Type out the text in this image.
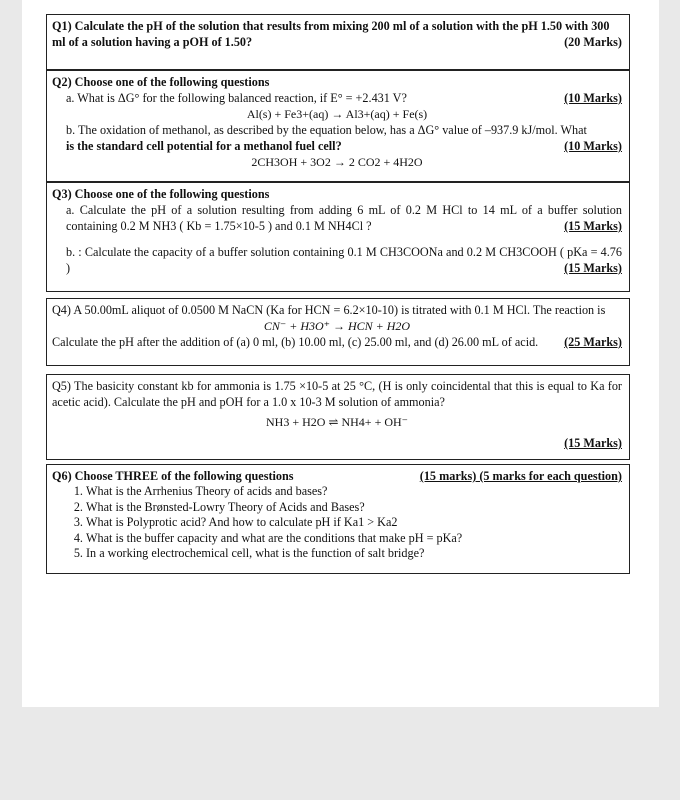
Q1) Calculate the pH of the solution that results from mixing 200 ml of a solution with the pH 1.50 with 300 ml of a solution having a pOH of 1.50?	(20 Marks)
Q2) Choose one of the following questions
a. What is ΔG° for the following balanced reaction, if E° = +2.431 V?	(10 Marks)
Al(s) + Fe3+(aq) → Al3+(aq) + Fe(s)
b. The oxidation of methanol, as described by the equation below, has a ΔG° value of –937.9 kJ/mol. What
is the standard cell potential for a methanol fuel cell?	(10 Marks)
2CH3OH + 3O2 → 2 CO2 + 4H2O
Q3) Choose one of the following questions
a. Calculate the pH of a solution resulting from adding 6 mL of 0.2 M HCl to 14 mL of a buffer solution containing 0.2 M NH3 ( Kb = 1.75×10-5 ) and 0.1 M NH4Cl ?	(15 Marks)
b. : Calculate the capacity of a buffer solution containing 0.1 M CH3COONa and 0.2 M CH3COOH ( pKa = 4.76 )	(15 Marks)
Q4) A 50.00mL aliquot of 0.0500 M NaCN (Ka for HCN = 6.2×10-10) is titrated with 0.1 M HCl. The reaction is
CN⁻ + H3O⁺ → HCN + H2O
Calculate the pH after the addition of (a) 0 ml, (b) 10.00 ml, (c) 25.00 ml, and (d) 26.00 mL of acid. (25 Marks)
Q5) The basicity constant kb for ammonia is 1.75 ×10-5 at 25 °C, (H is only coincidental that this is equal to Ka for acetic acid). Calculate the pH and pOH for a 1.0 x 10-3 M solution of ammonia?
NH3 + H2O ⇌ NH4+ + OH⁻
(15 Marks)
Q6) Choose THREE of the following questions	(15 marks) (5 marks for each question)
1. What is the Arrhenius Theory of acids and bases?
2. What is the Brønsted-Lowry Theory of Acids and Bases?
3. What is Polyprotic acid? And how to calculate pH if Ka1 > Ka2
4. What is the buffer capacity and what are the conditions that make pH = pKa?
5. In a working electrochemical cell, what is the function of salt bridge?
